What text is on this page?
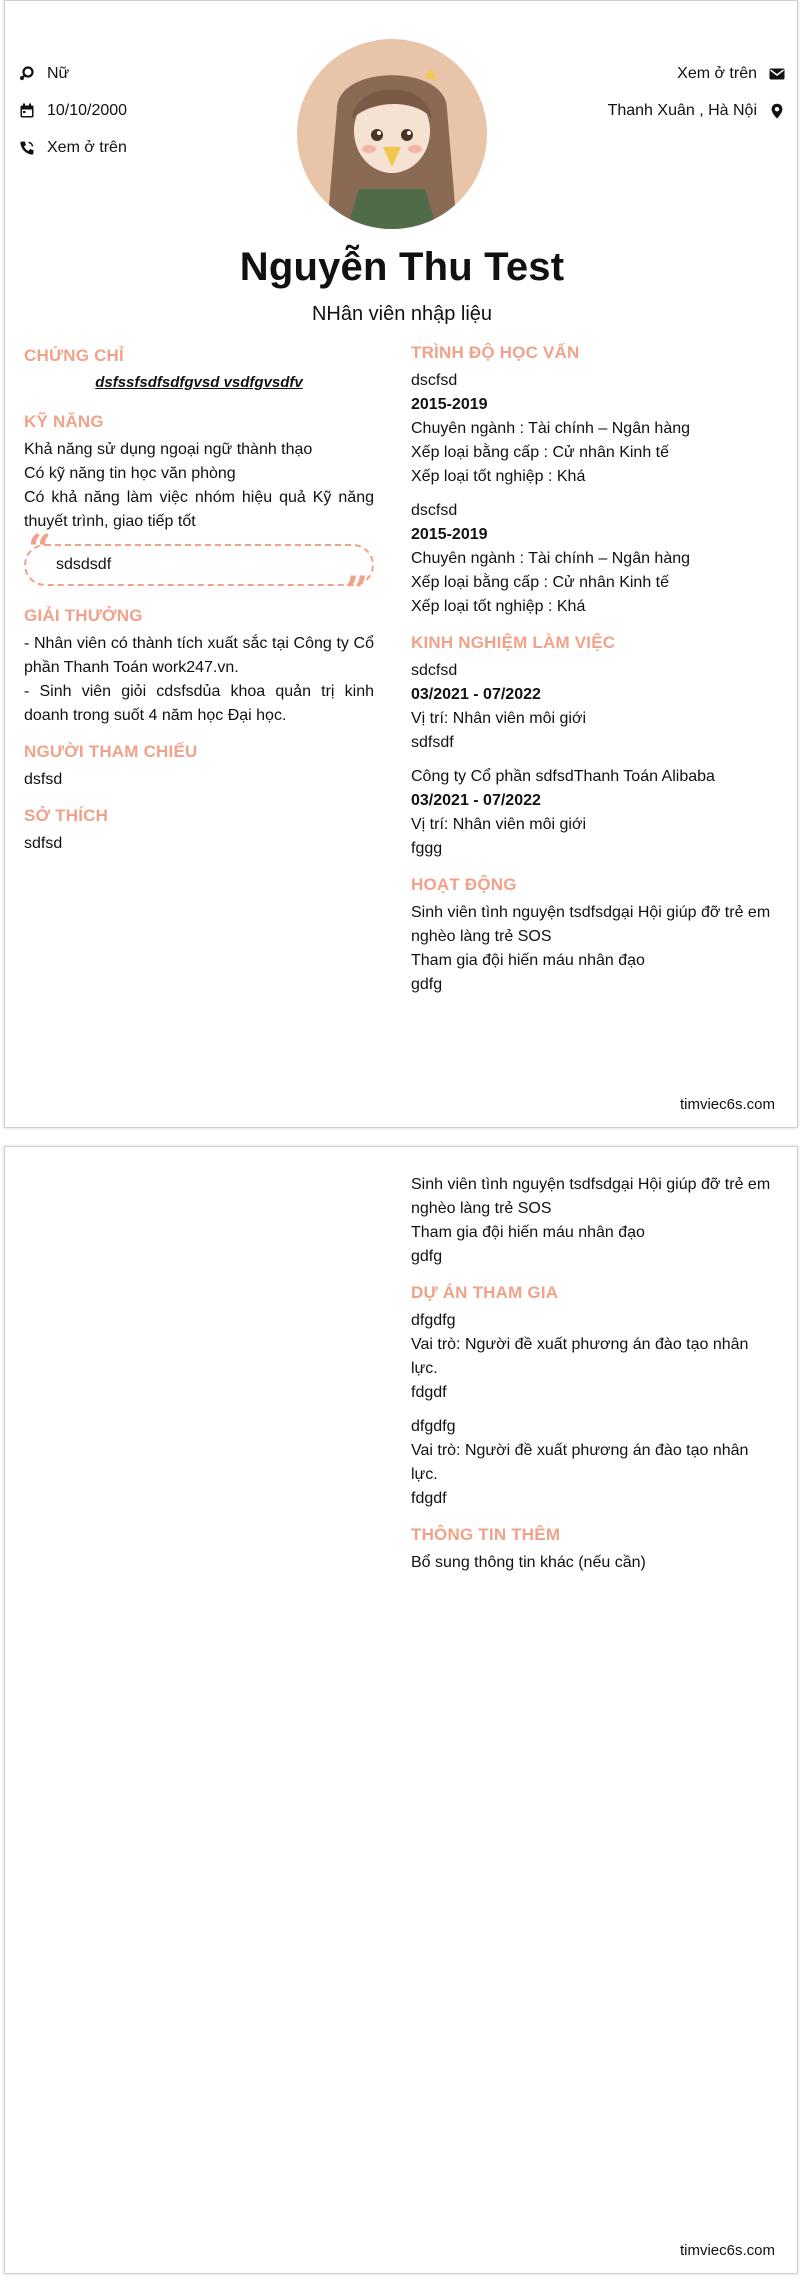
Nữ
10/10/2000
Xem ở trên
Xem ở trên
Thanh Xuân , Hà Nội
Nguyễn Thu Test
NHân viên nhập liệu
CHỨNG CHỈ
dsfssfsdfsdfgvsd vsdfgvsdfv
KỸ NĂNG
Khả năng sử dụng ngoại ngữ thành thạo
Có kỹ năng tin học văn phòng
Có khả năng làm việc nhóm hiệu quả Kỹ năng thuyết trình, giao tiếp tốt
“ sdsdsdf
”
GIẢI THƯỞNG
- Nhân viên có thành tích xuất sắc tại Công ty Cổ phần Thanh Toán work247.vn.
- Sinh viên giỏi cdsfsdủa khoa quản trị kinh doanh trong suốt 4 năm học Đại học.
NGƯỜI THAM CHIẾU
dsfsd
SỞ THÍCH
sdfsd
TRÌNH ĐỘ HỌC VẤN
dscfsd
2015-2019
Chuyên ngành : Tài chính – Ngân hàng
Xếp loại bằng cấp : Cử nhân Kinh tế
Xếp loại tốt nghiệp : Khá
dscfsd
2015-2019
Chuyên ngành : Tài chính – Ngân hàng
Xếp loại bằng cấp : Cử nhân Kinh tế
Xếp loại tốt nghiệp : Khá
KINH NGHIỆM LÀM VIỆC
sdcfsd
03/2021 - 07/2022
Vị trí: Nhân viên môi giới
sdfsdf
Công ty Cổ phần sdfsdThanh Toán Alibaba
03/2021 - 07/2022
Vị trí: Nhân viên môi giới
fggg
HOẠT ĐỘNG
Sinh viên tình nguyện tsdfsdgại Hội giúp đỡ trẻ em nghèo làng trẻ SOS
Tham gia đội hiến máu nhân đạo
gdfg
timviec6s.com
Sinh viên tình nguyện tsdfsdgại Hội giúp đỡ trẻ em nghèo làng trẻ SOS
Tham gia đội hiến máu nhân đạo
gdfg
DỰ ÁN THAM GIA
dfgdfg
Vai trò: Người đề xuất phương án đào tạo nhân lực.
fdgdf
dfgdfg
Vai trò: Người đề xuất phương án đào tạo nhân lực.
fdgdf
THÔNG TIN THÊM
Bổ sung thông tin khác (nếu cần)
timviec6s.com
